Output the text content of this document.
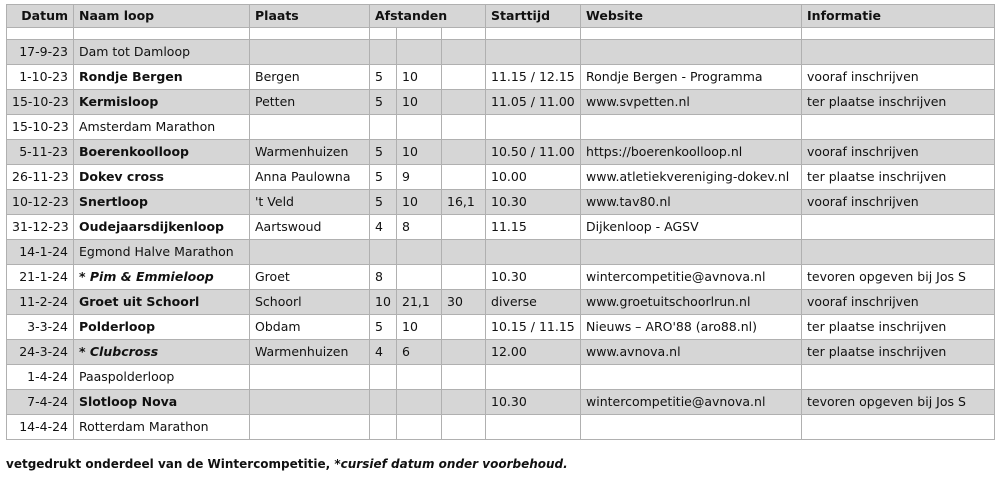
Datum	Naam loop	Plaats	Afstanden			Starttijd	Website	Informatie

17-9-23	Dam tot Damloop							
1-10-23	Rondje Bergen	Bergen	5	10		11.15 / 12.15	Rondje Bergen - Programma	vooraf inschrijven
15-10-23	Kermisloop	Petten	5	10		11.05 / 11.00	www.svpetten.nl	ter plaatse inschrijven
15-10-23	Amsterdam Marathon							
5-11-23	Boerenkoolloop	Warmenhuizen	5	10		10.50 / 11.00	https://boerenkoolloop.nl	vooraf inschrijven
26-11-23	Dokev cross	Anna Paulowna	5	9		10.00	www.atletiekvereniging-dokev.nl	ter plaatse inschrijven
10-12-23	Snertloop	't Veld	5	10	16,1	10.30	www.tav80.nl	vooraf inschrijven
31-12-23	Oudejaarsdijkenloop	Aartswoud	4	8		11.15	Dijkenloop - AGSV	
14-1-24	Egmond Halve Marathon							
21-1-24	* Pim & Emmieloop	Groet	8			10.30	wintercompetitie@avnova.nl	tevoren opgeven bij Jos S
11-2-24	Groet uit Schoorl	Schoorl	10	21,1	30	diverse	www.groetuitschoorlrun.nl	vooraf inschrijven
3-3-24	Polderloop	Obdam	5	10		10.15 / 11.15	Nieuws – ARO'88 (aro88.nl)	ter plaatse inschrijven
24-3-24	* Clubcross	Warmenhuizen	4	6		12.00	www.avnova.nl	ter plaatse inschrijven
1-4-24	Paaspolderloop							
7-4-24	Slotloop Nova					10.30	wintercompetitie@avnova.nl	tevoren opgeven bij Jos S
14-4-24	Rotterdam Marathon							
vetgedrukt onderdeel van de Wintercompetitie, *cursief datum onder voorbehoud.
